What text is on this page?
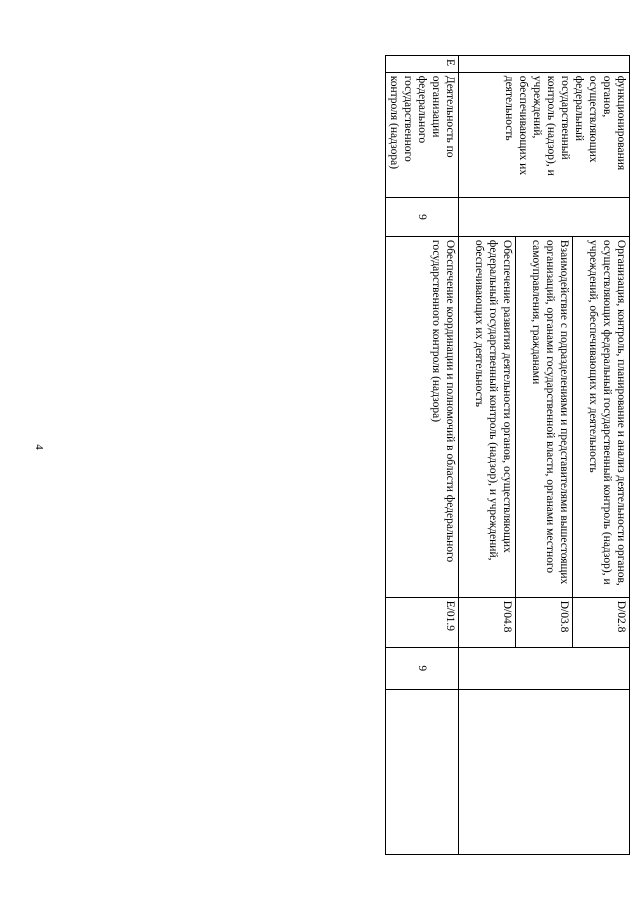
4
	функционирования органов, осуществляющих федеральный государственный контроль (надзор), и учреждений, обеспечивающих их деятельность		Организация, контроль, планирование и анализ деятельности органов, осуществляющих федеральный государственный контроль (надзор), и учреждений, обеспечивающих их деятельность	D/02.8		
			Взаимодействие с подразделениями и представителями вышестоящих организаций, органами государственной власти, органами местного самоуправления, гражданами	D/03.8		
			Обеспечение развития деятельности органов, осуществляющих федеральный государственный контроль (надзор), и учреждений, обеспечивающих их деятельность	D/04.8		
E	Деятельность по организации федерального государственного контроля (надзора)	9	Обеспечение координации и полномочий в области федерального государственного контроля (надзора)	E/01.9	9	
